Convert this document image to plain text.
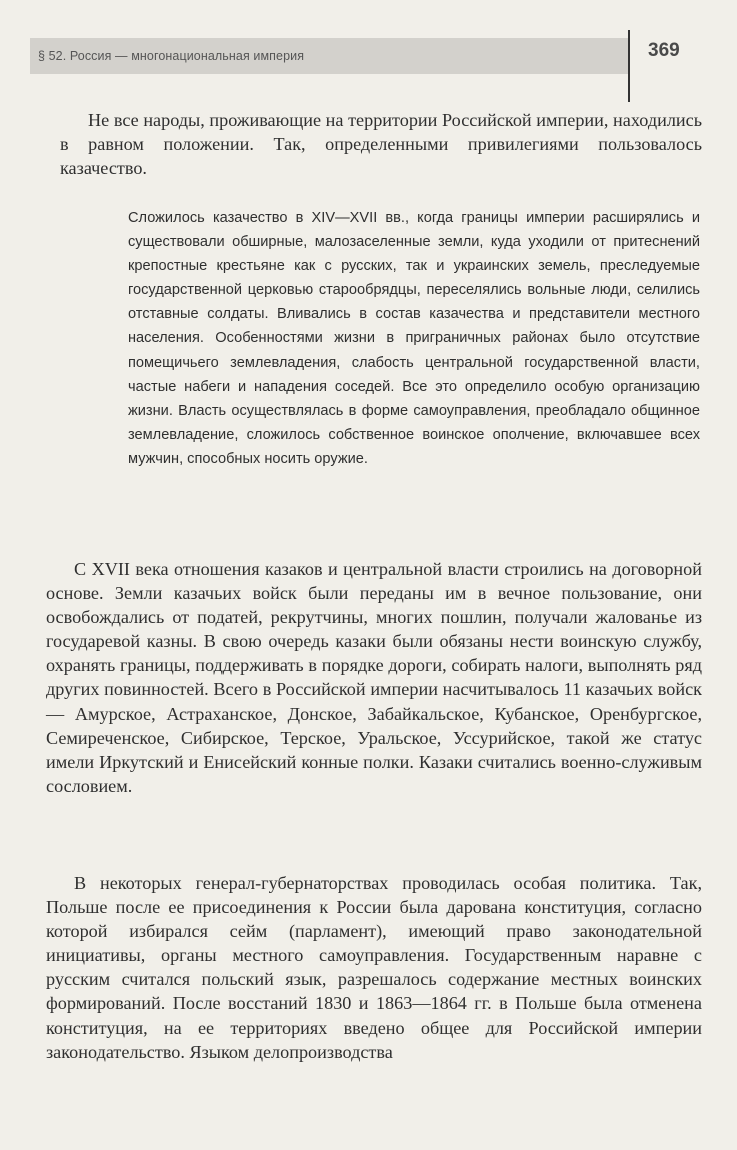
§ 52. Россия — многонациональная империя	369

Не все народы, проживающие на территории Российской империи, находились в равном положении. Так, определенными привилегиями пользовалось казачество.

Сложилось казачество в XIV—XVII вв., когда границы империи расширялись и существовали обширные, малозаселенные земли, куда уходили от притеснений крепостные крестьяне как с русских, так и украинских земель, преследуемые государственной церковью старообрядцы, переселялись вольные люди, селились отставные солдаты. Вливались в состав казачества и представители местного населения. Особенностями жизни в приграничных районах было отсутствие помещичьего землевладения, слабость центральной государственной власти, частые набеги и нападения соседей. Все это определило особую организацию жизни. Власть осуществлялась в форме самоуправления, преобладало общинное землевладение, сложилось собственное воинское ополчение, включавшее всех мужчин, способных носить оружие.

С XVII века отношения казаков и центральной власти строились на договорной основе. Земли казачьих войск были переданы им в вечное пользование, они освобождались от податей, рекрутчины, многих пошлин, получали жалованье из государевой казны. В свою очередь казаки были обязаны нести воинскую службу, охранять границы, поддерживать в порядке дороги, собирать налоги, выполнять ряд других повинностей. Всего в Российской империи насчитывалось 11 казачьих войск — Амурское, Астраханское, Донское, Забайкальское, Кубанское, Оренбургское, Семиреченское, Сибирское, Терское, Уральское, Уссурийское, такой же статус имели Иркутский и Енисейский конные полки. Казаки считались военно-служивым сословием.

В некоторых генерал-губернаторствах проводилась особая политика. Так, Польше после ее присоединения к России была дарована конституция, согласно которой избирался сейм (парламент), имеющий право законодательной инициативы, органы местного самоуправления. Государственным наравне с русским считался польский язык, разрешалось содержание местных воинских формирований. После восстаний 1830 и 1863—1864 гг. в Польше была отменена конституция, на ее территориях введено общее для Российской империи законодательство. Языком делопроизводства
